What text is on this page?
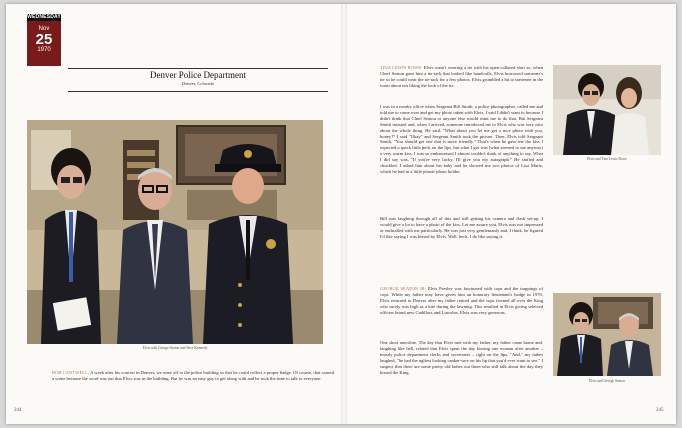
WEDNESDAY
Nov
25
1970
Denver Police Department
Denver, Colorado
Elvis with George Seaton and Jerry Kennedy

BOB CANTWELL: A week after his concert in Denver, we went off to the police building so that he could collect a proper badge. Of course, that caused a scene because the word was out that Elvis was in the building. But he was an easy guy to get along with and he took the time to talk to everyone.

244

TINA LEWIS ROWE: Elvis wasn't wearing a tie with his open-collared shirt so, when Chief Seaton gave him a tie-tack that looked like handcuffs, Elvis borrowed someone's tie so he could wear the tie-tack for a few photos. Elvis grumbled a bit to someone in the room about not liking the look of the tie.

I was in a nearby office when Sergeant Bill Smith, a police photographer, called me and told me to come over and get my photo taken with Elvis. I said I didn't want to because I didn't think that Chief Seaton or anyone else would want me to do that. But Sergeant Smith insisted and, when I arrived, someone introduced me to Elvis who was very nice about the whole thing. He said, "What about you let me get a nice photo with you, honey?" I said "Okay" and Sergeant Smith took the picture. Then, Elvis told Sergeant Smith, "You should get one that is more friendly." That's when he gave me the kiss I expected a quick little peck on the lips, but what I got was (what seemed to me anyway) a very warm kiss. I was so embarrassed I almost couldn't think of anything to say. What I did say was, "If you're very lucky, I'll give you my autograph." He smiled and chuckled. I asked him about his baby and he showed me two photos of Lisa Marie, which he had in a little plastic photo holder.

Bill was laughing through all of this and still getting his camera and flash set-up. I would give a lot to have a photo of the kiss. Let me assure you, Elvis was not impressed or enthralled with me particularly. He was just very gentlemanly and, I think, he figured I'd like saying I was kissed by Elvis. Well, heck, I do like saying it.

Elvis and Tina Lewis Rowe

GEORGE SEATON JR: Elvis Presley was fascinated with cops and the trappings of cops. While my father may have given him an honorary lieutenant's badge in 1970, Elvis returned to Denver after my father retired and the cops fawned all over the King who surely was high as a kite during the fawning. This resulted in Elvis giving selected officers brand new Cadillacs and Lincolns. Elvis was very generous.

One short anecdote. The day that Elvis met with my father, my father came home and, laughing like hell, related that Elvis spent the day kissing one woman after another – mostly police department clerks and secretaries – right on the lips. "And," my father laughed, "he had the ugliest looking canker-sore on his lip that you'd ever want to see." I suspect that there are some pretty old ladies out there who still talk about the day they kissed the King.

Elvis and George Seaton
245
